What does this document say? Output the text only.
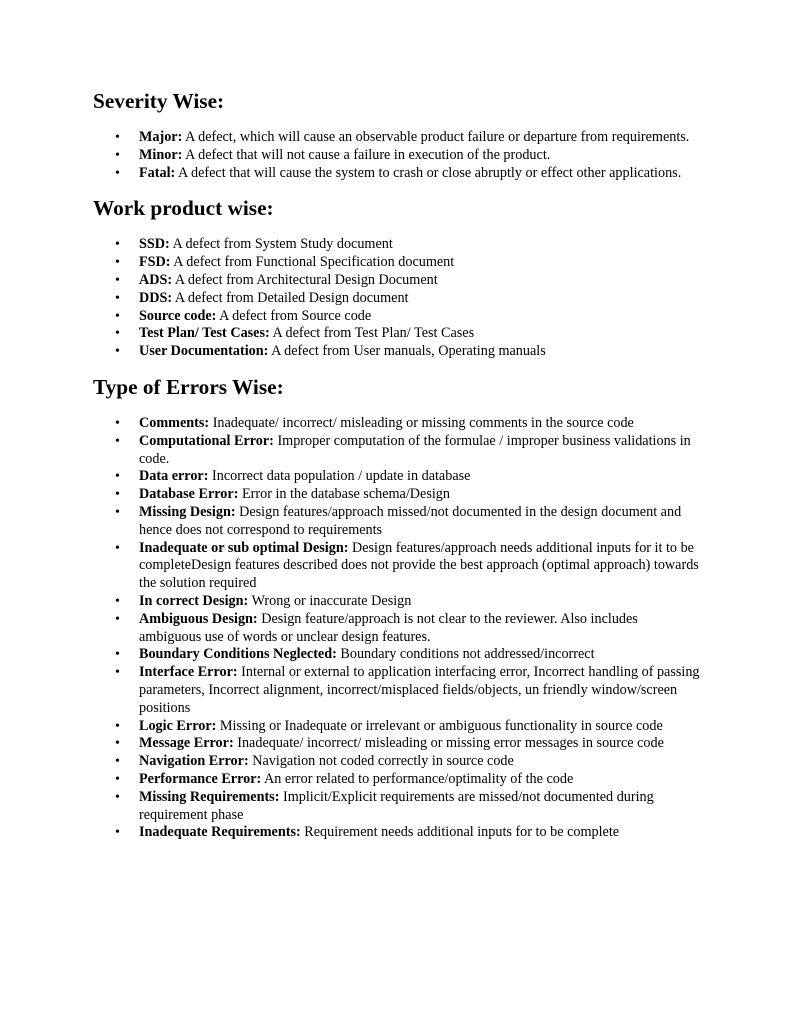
Severity Wise:
• Major: A defect, which will cause an observable product failure or departure from requirements.
• Minor: A defect that will not cause a failure in execution of the product.
• Fatal: A defect that will cause the system to crash or close abruptly or effect other applications.
Work product wise:
• SSD: A defect from System Study document
• FSD: A defect from Functional Specification document
• ADS: A defect from Architectural Design Document
• DDS: A defect from Detailed Design document
• Source code: A defect from Source code
• Test Plan/ Test Cases: A defect from Test Plan/ Test Cases
• User Documentation: A defect from User manuals, Operating manuals
Type of Errors Wise:
• Comments: Inadequate/ incorrect/ misleading or missing comments in the source code
• Computational Error: Improper computation of the formulae / improper business validations in code.
• Data error: Incorrect data population / update in database
• Database Error: Error in the database schema/Design
• Missing Design: Design features/approach missed/not documented in the design document and hence does not correspond to requirements
• Inadequate or sub optimal Design: Design features/approach needs additional inputs for it to be completeDesign features described does not provide the best approach (optimal approach) towards the solution required
• In correct Design: Wrong or inaccurate Design
• Ambiguous Design: Design feature/approach is not clear to the reviewer. Also includes ambiguous use of words or unclear design features.
• Boundary Conditions Neglected: Boundary conditions not addressed/incorrect
• Interface Error: Internal or external to application interfacing error, Incorrect handling of passing parameters, Incorrect alignment, incorrect/misplaced fields/objects, un friendly window/screen positions
• Logic Error: Missing or Inadequate or irrelevant or ambiguous functionality in source code
• Message Error: Inadequate/ incorrect/ misleading or missing error messages in source code
• Navigation Error: Navigation not coded correctly in source code
• Performance Error: An error related to performance/optimality of the code
• Missing Requirements: Implicit/Explicit requirements are missed/not documented during requirement phase
• Inadequate Requirements: Requirement needs additional inputs for to be complete
